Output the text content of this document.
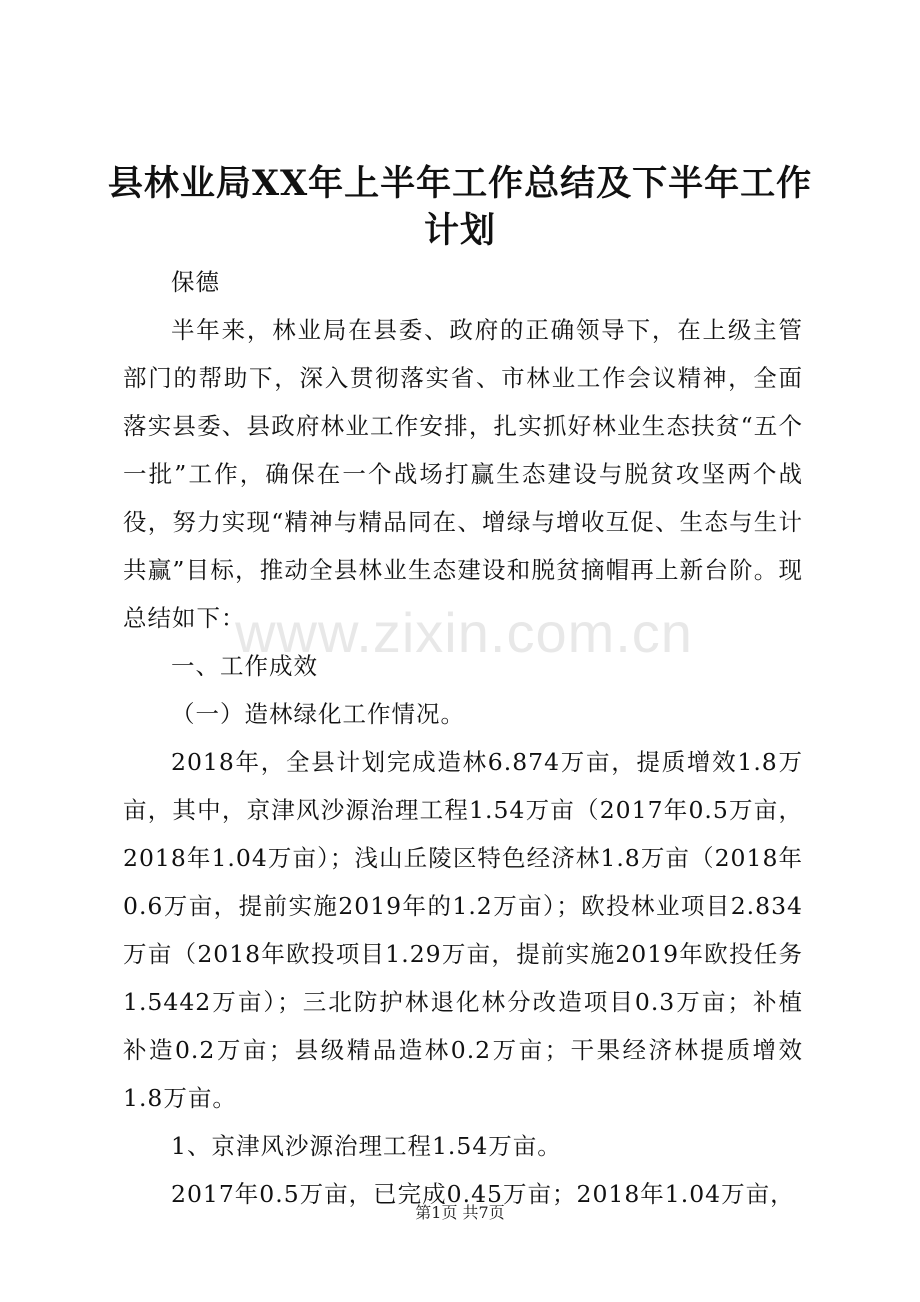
县林业局XX年上半年工作总结及下半年工作计划

保德

半年来，林业局在县委、政府的正确领导下，在上级主管部门的帮助下，深入贯彻落实省、市林业工作会议精神，全面落实县委、县政府林业工作安排，扎实抓好林业生态扶贫“五个一批”工作，确保在一个战场打赢生态建设与脱贫攻坚两个战役，努力实现“精神与精品同在、增绿与增收互促、生态与生计共赢”目标，推动全县林业生态建设和脱贫摘帽再上新台阶。现总结如下：

一、工作成效

（一）造林绿化工作情况。

2018年，全县计划完成造林6.874万亩，提质增效1.8万亩，其中，京津风沙源治理工程1.54万亩（2017年0.5万亩，2018年1.04万亩）；浅山丘陵区特色经济林1.8万亩（2018年0.6万亩，提前实施2019年的1.2万亩）；欧投林业项目2.834万亩（2018年欧投项目1.29万亩，提前实施2019年欧投任务1.5442万亩）；三北防护林退化林分改造项目0.3万亩；补植补造0.2万亩；县级精品造林0.2万亩；干果经济林提质增效1.8万亩。

1、京津风沙源治理工程1.54万亩。

2017年0.5万亩，已完成0.45万亩；2018年1.04万亩，

www.zixin.com.cn
第1页 共7页
